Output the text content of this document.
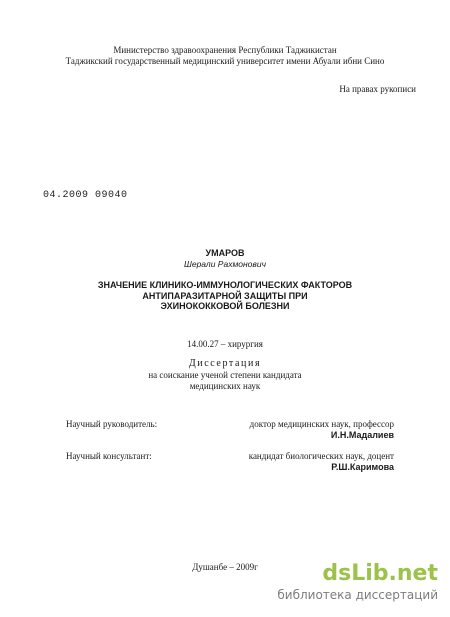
Министерство здравоохранения Республики Таджикистан
Таджикский государственный медицинский университет имени Абуали ибни Сино
На правах рукописи
04.2009 09040
УМАРОВ
Шерали Рахмонович
ЗНАЧЕНИЕ КЛИНИКО-ИММУНОЛОГИЧЕСКИХ ФАКТОРОВ
АНТИПАРАЗИТАРНОЙ ЗАЩИТЫ ПРИ
ЭХИНОКОККОВОЙ БОЛЕЗНИ
14.00.27 – хирургия
Диссертация
на соискание ученой степени кандидата
медицинских наук
Научный руководитель:	доктор медицинских наук, профессор
И.Н.Мадалиев
Научный консультант:	кандидат биологических наук, доцент
Р.Ш.Каримова
Душанбе – 2009г	dsLib.net
библиотека диссертаций
